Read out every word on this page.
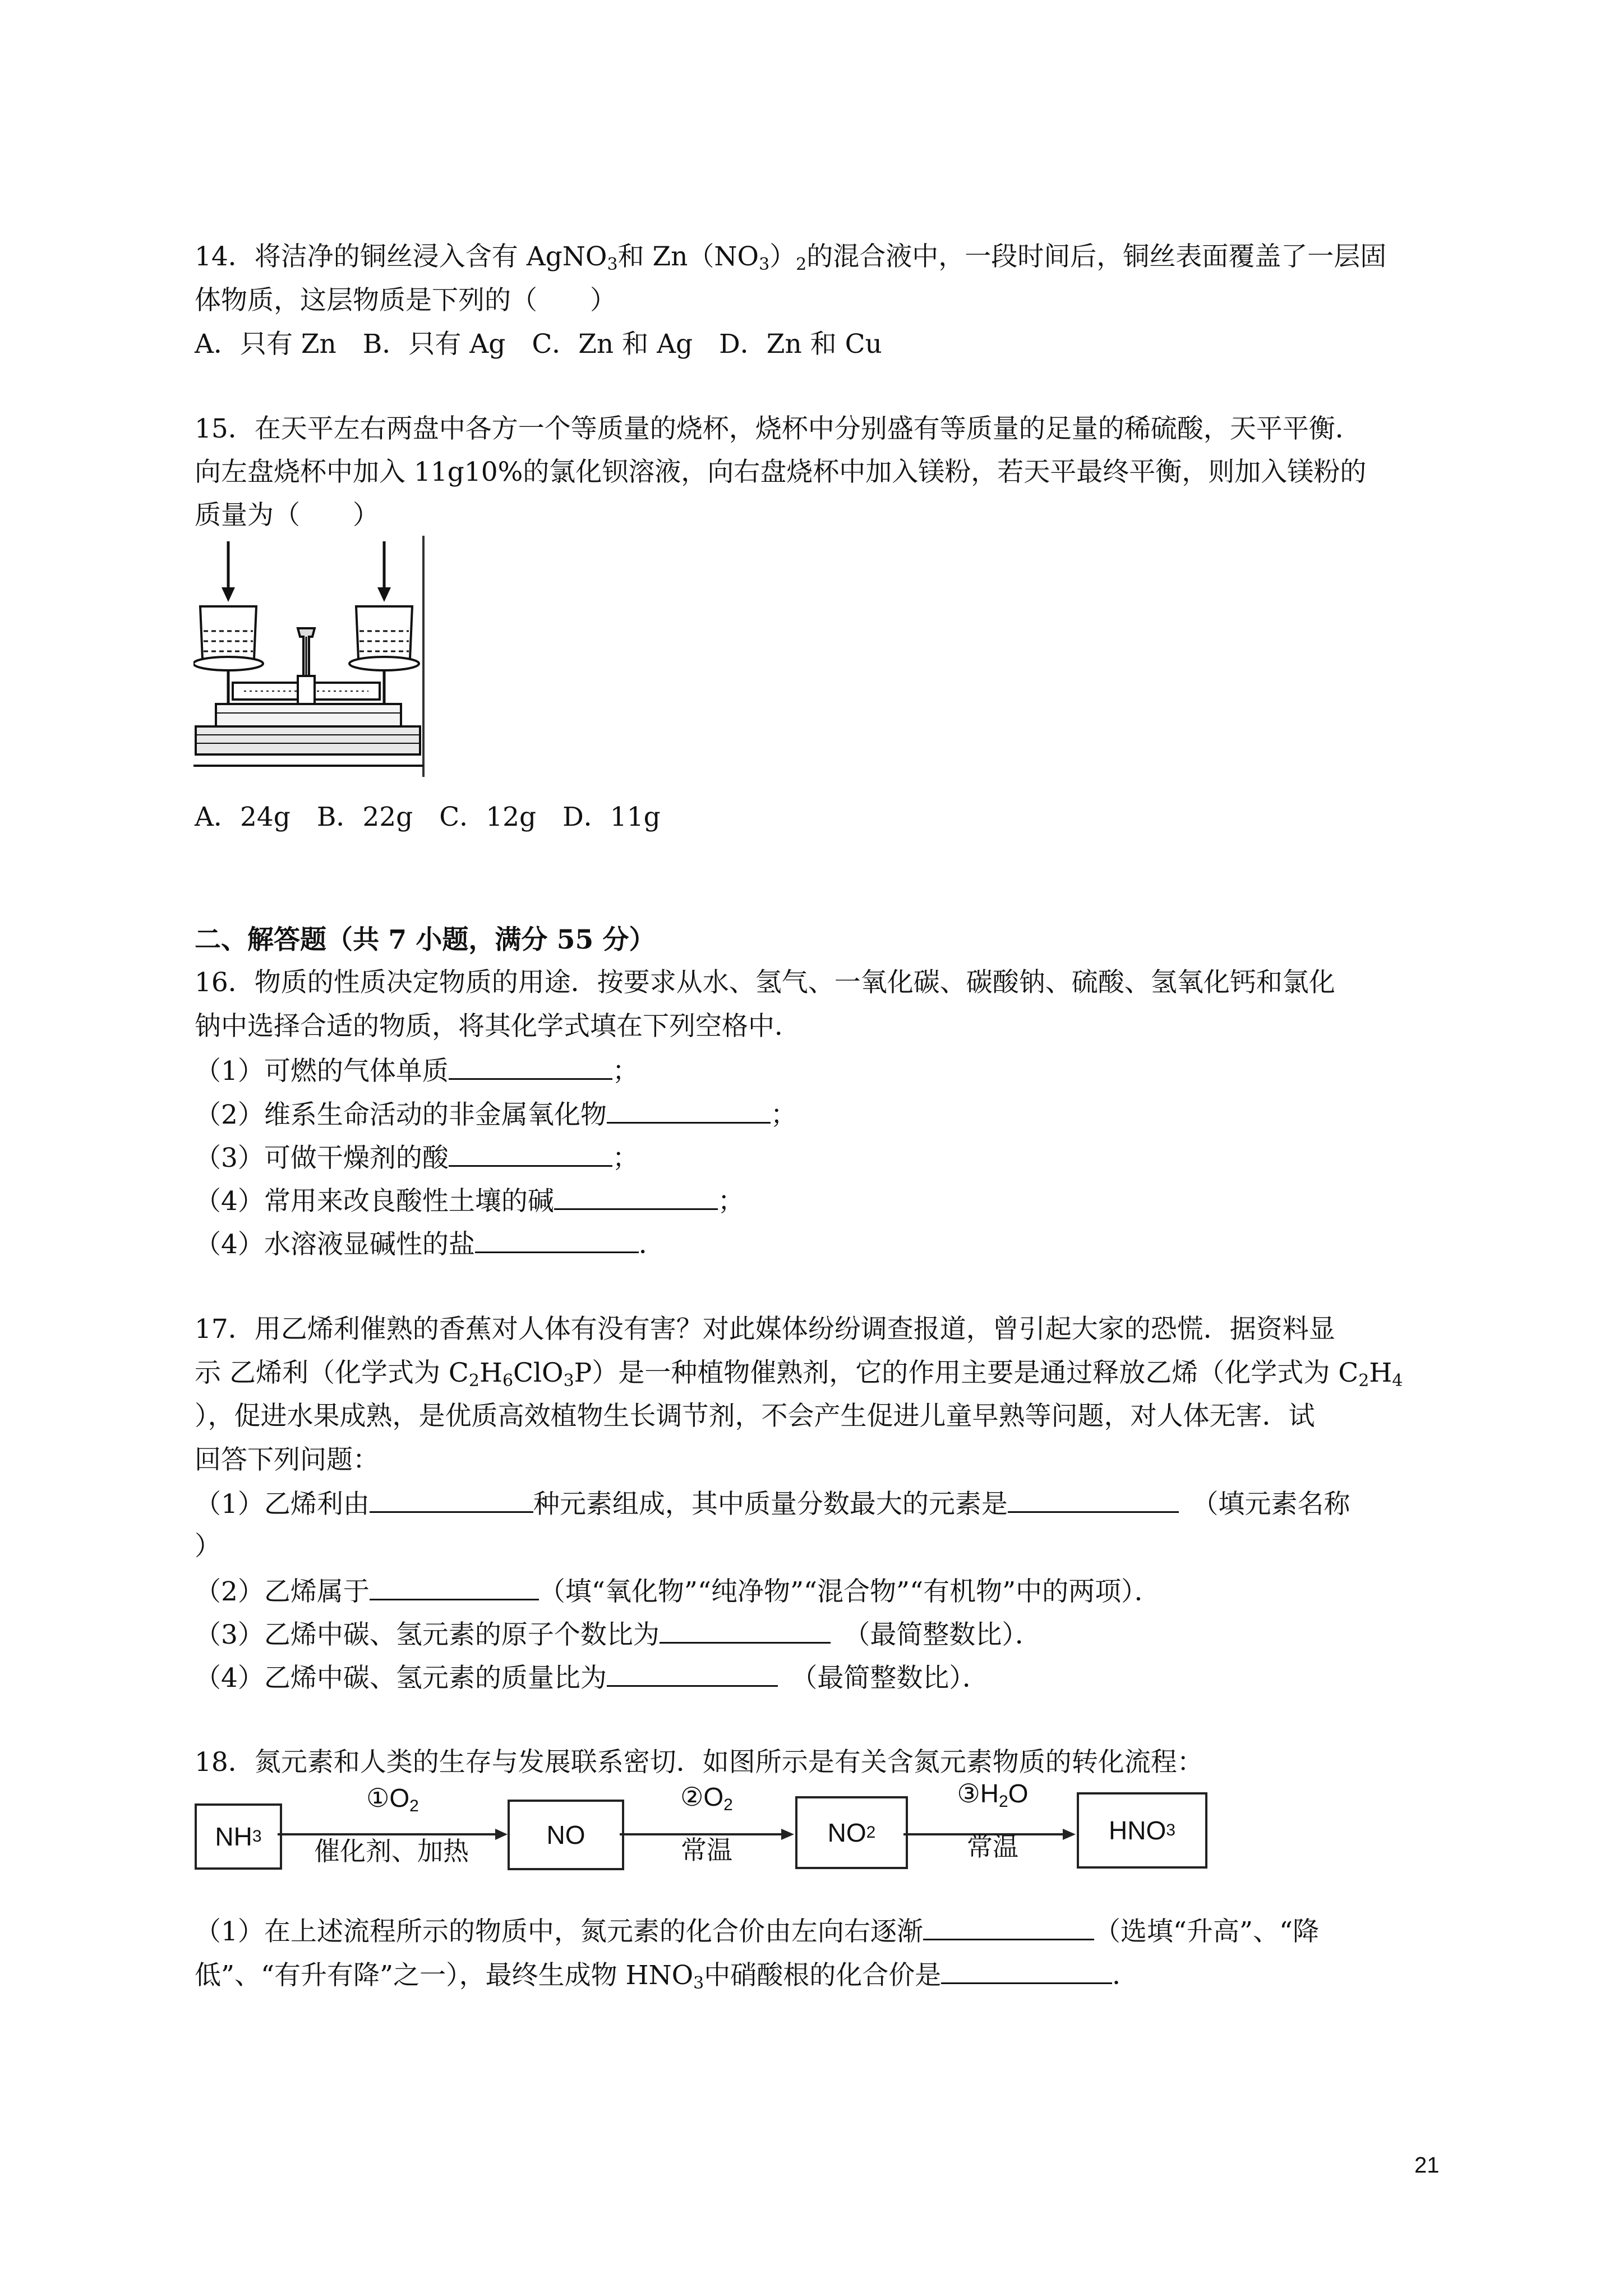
14．将洁净的铜丝浸入含有 AgNO$_3$和 $Zn(NO_3)_2$的混合液中，一段时间后，铜丝表面覆盖了一层固
体物质，这层物质是下列的（　　）
A．只有 Zn　B．只有 Ag　C．Zn 和 Ag　D．Zn 和 Cu
15．在天平左右两盘中各方一个等质量的烧杯，烧杯中分别盛有等质量的足量的稀硫酸，天平平衡．
向左盘烧杯中加入 11g10%的氯化钡溶液，向右盘烧杯中加入镁粉，若天平最终平衡，则加入镁粉的
质量为（　　）
A．24g　B．22g　C．12g　D．11g
二、解答题（共 7 小题，满分 55 分）
16．物质的性质决定物质的用途．按要求从水、氢气、一氧化碳、碳酸钠、硫酸、氢氧化钙和氯化
钠中选择合适的物质，将其化学式填在下列空格中．
（1）可燃的气体单质	；
（2）维系生命活动的非金属氧化物	；
（3）可做干燥剂的酸	；
（4）常用来改良酸性土壤的碱	；
（4）水溶液显碱性的盐	．
17．用乙烯利催熟的香蕉对人体有没有害？对此媒体纷纷调查报道，曾引起大家的恐慌．据资料显
示 乙烯利（化学式为 $C_2H_6ClO_3P$）是一种植物催熟剂，它的作用主要是通过释放乙烯（化学式为 $C_2H_4$
），促进水果成熟，是优质高效植物生长调节剂，不会产生促进儿童早熟等问题，对人体无害．试
回答下列问题：
（1）乙烯利由	种元素组成，其中质量分数最大的元素是	　（填元素名称
）
（2）乙烯属于	（填“氧化物”“纯净物”“混合物”“有机物”中的两项）．
（3）乙烯中碳、氢元素的原子个数比为	　（最简整数比）．
（4）乙烯中碳、氢元素的质量比为	　（最简整数比）．
18．氮元素和人类的生存与发展联系密切．如图所示是有关含氮元素物质的转化流程：
NH 3	NO	NO 2	HNO 3
$①O_2$
催化剂、加热
$②O_2$
常温
$③H_2O$
常温
（1）在上述流程所示的物质中，氮元素的化合价由左向右逐渐	（选填“升高”、“降
低”、“有升有降”之一），最终生成物 $HNO_3$中硝酸根的化合价是	．
21
